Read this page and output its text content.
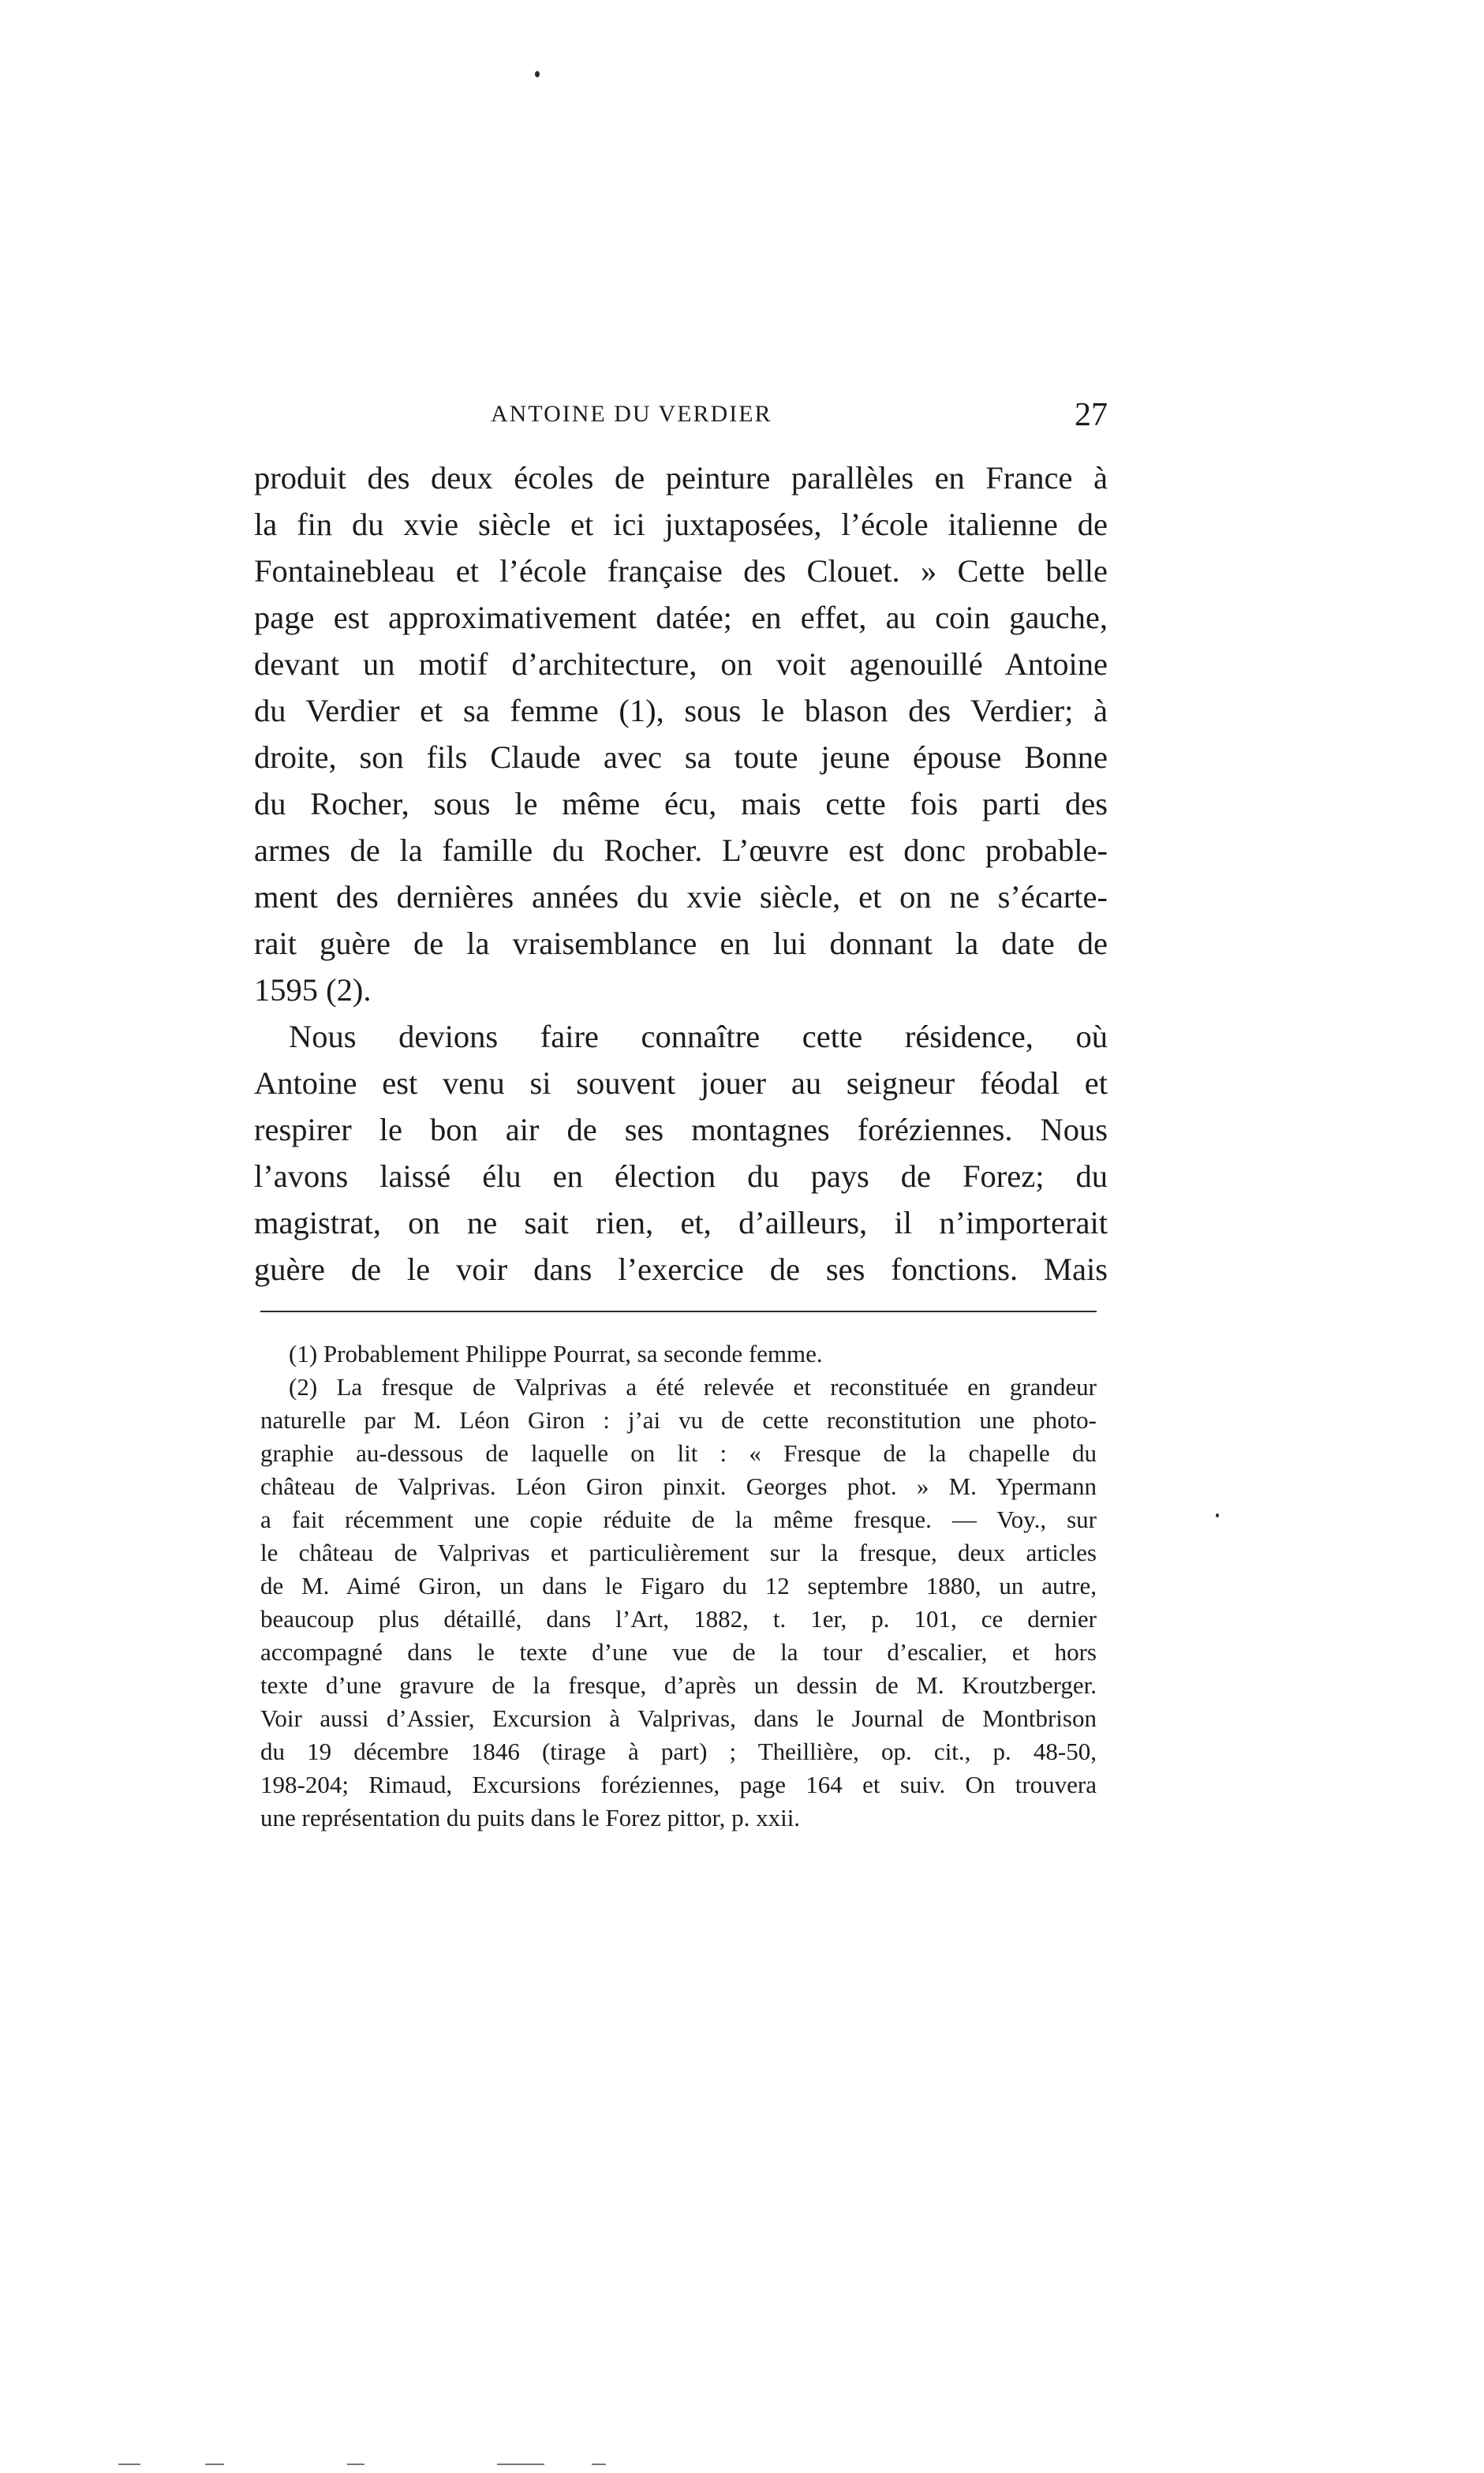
ANTOINE DU VERDIER	27
produit des deux écoles de peinture parallèles en France à
la fin du xvie siècle et ici juxtaposées, l’école italienne de
Fontainebleau et l’école française des Clouet. » Cette belle
page est approximativement datée; en effet, au coin gauche,
devant un motif d’architecture, on voit agenouillé Antoine
du Verdier et sa femme (1), sous le blason des Verdier; à
droite, son fils Claude avec sa toute jeune épouse Bonne
du Rocher, sous le même écu, mais cette fois parti des
armes de la famille du Rocher. L’œuvre est donc probable-
ment des dernières années du xvie siècle, et on ne s’écarte-
rait guère de la vraisemblance en lui donnant la date de
1595 (2).
Nous devions faire connaître cette résidence, où
Antoine est venu si souvent jouer au seigneur féodal et
respirer le bon air de ses montagnes foréziennes. Nous
l’avons laissé élu en élection du pays de Forez; du
magistrat, on ne sait rien, et, d’ailleurs, il n’importerait
guère de le voir dans l’exercice de ses fonctions. Mais
(1) Probablement Philippe Pourrat, sa seconde femme.
(2) La fresque de Valprivas a été relevée et reconstituée en grandeur
naturelle par M. Léon Giron : j’ai vu de cette reconstitution une photo-
graphie au-dessous de laquelle on lit : « Fresque de la chapelle du
château de Valprivas. Léon Giron pinxit. Georges phot. » M. Ypermann
a fait récemment une copie réduite de la même fresque. — Voy., sur
le château de Valprivas et particulièrement sur la fresque, deux articles
de M. Aimé Giron, un dans le Figaro du 12 septembre 1880, un autre,
beaucoup plus détaillé, dans l’Art, 1882, t. 1er, p. 101, ce dernier
accompagné dans le texte d’une vue de la tour d’escalier, et hors
texte d’une gravure de la fresque, d’après un dessin de M. Kroutzberger.
Voir aussi d’Assier, Excursion à Valprivas, dans le Journal de Montbrison
du 19 décembre 1846 (tirage à part) ; Theillière, op. cit., p. 48-50,
198-204; Rimaud, Excursions foréziennes, page 164 et suiv. On trouvera
une représentation du puits dans le Forez pittor, p. xxii.
